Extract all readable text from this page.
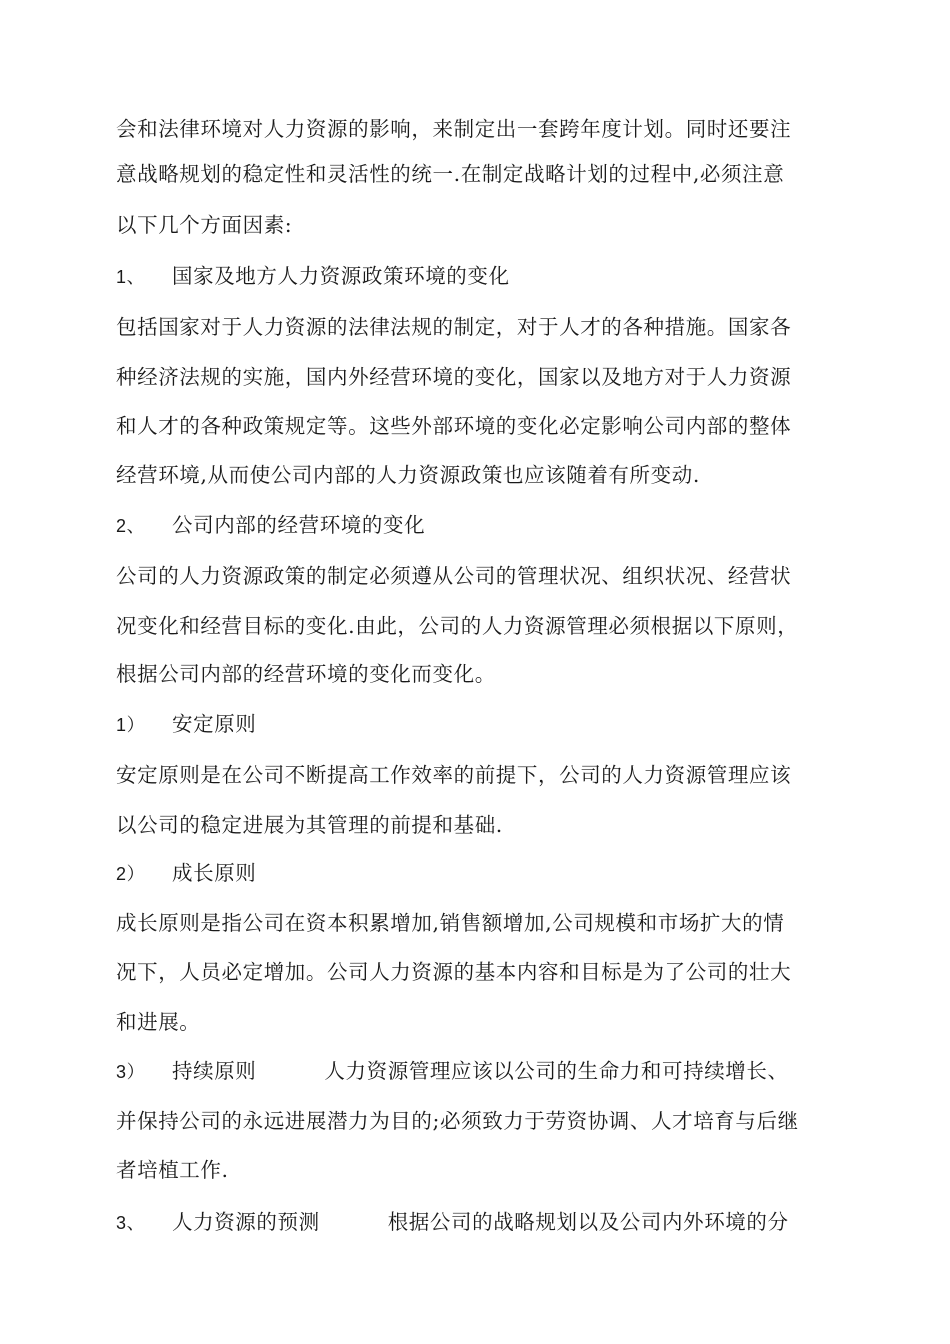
会和法律环境对人力资源的影响，来制定出一套跨年度计划。同时还要注
意战略规划的稳定性和灵活性的统一.在制定战略计划的过程中,必须注意
以下几个方面因素:
1、 国家及地方人力资源政策环境的变化
包括国家对于人力资源的法律法规的制定，对于人才的各种措施。国家各
种经济法规的实施，国内外经营环境的变化，国家以及地方对于人力资源
和人才的各种政策规定等。这些外部环境的变化必定影响公司内部的整体
经营环境,从而使公司内部的人力资源政策也应该随着有所变动.
2、 公司内部的经营环境的变化
公司的人力资源政策的制定必须遵从公司的管理状况、组织状况、经营状
况变化和经营目标的变化.由此，公司的人力资源管理必须根据以下原则，
根据公司内部的经营环境的变化而变化。
1） 安定原则
安定原则是在公司不断提高工作效率的前提下，公司的人力资源管理应该
以公司的稳定进展为其管理的前提和基础.
2） 成长原则
成长原则是指公司在资本积累增加,销售额增加,公司规模和市场扩大的情
况下，人员必定增加。公司人力资源的基本内容和目标是为了公司的壮大
和进展。
3） 持续原则	人力资源管理应该以公司的生命力和可持续增长、
并保持公司的永远进展潜力为目的;必须致力于劳资协调、人才培育与后继
者培植工作.
3、 人力资源的预测	根据公司的战略规划以及公司内外环境的分
